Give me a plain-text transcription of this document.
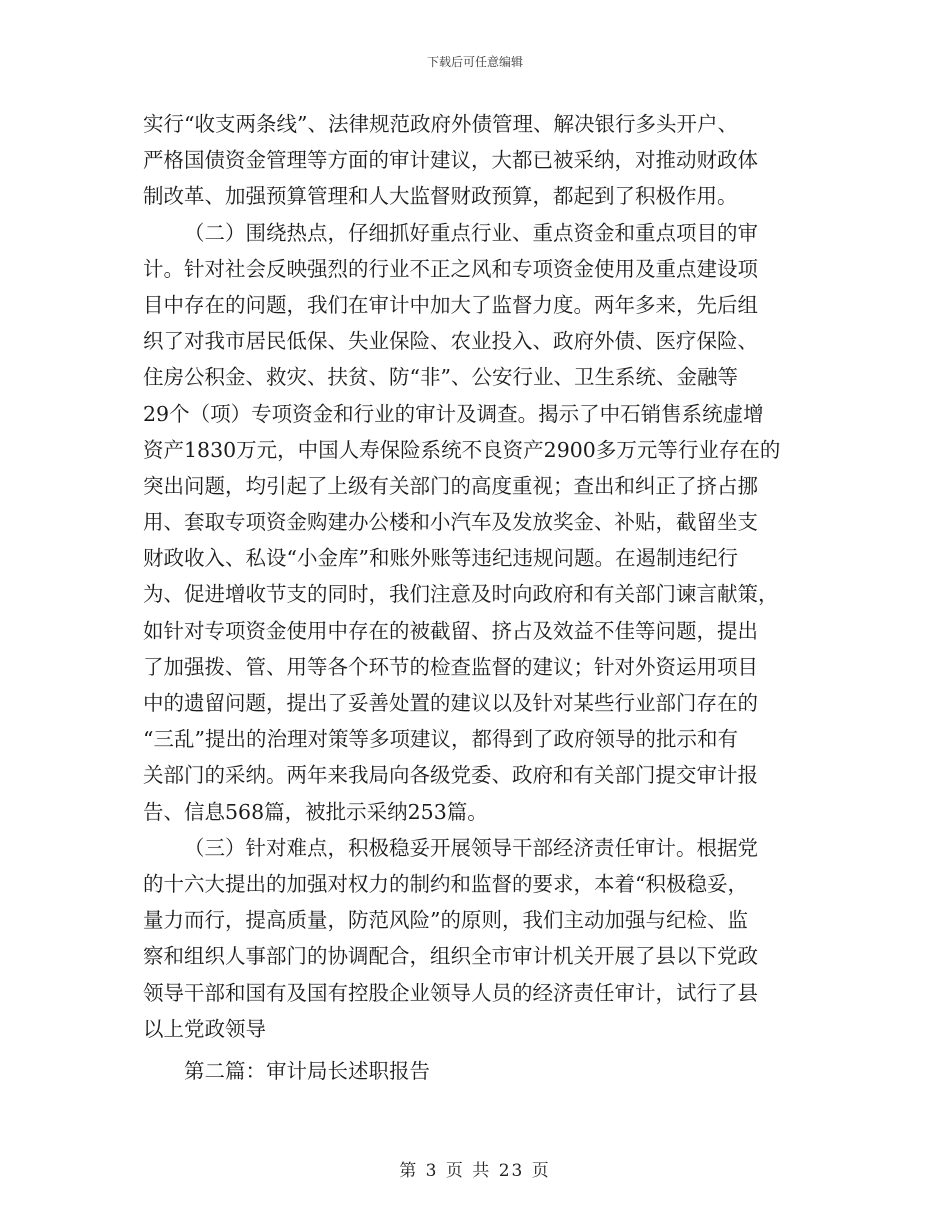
下载后可任意编辑
实行“收支两条线”、法律规范政府外债管理、解决银行多头开户、
严格国债资金管理等方面的审计建议，大都已被采纳，对推动财政体
制改革、加强预算管理和人大监督财政预算，都起到了积极作用。
（二）围绕热点，仔细抓好重点行业、重点资金和重点项目的审
计。针对社会反映强烈的行业不正之风和专项资金使用及重点建设项
目中存在的问题，我们在审计中加大了监督力度。两年多来，先后组
织了对我市居民低保、失业保险、农业投入、政府外债、医疗保险、
住房公积金、救灾、扶贫、防“非”、公安行业、卫生系统、金融等
29个（项）专项资金和行业的审计及调查。揭示了中石销售系统虚增
资产1830万元，中国人寿保险系统不良资产2900多万元等行业存在的
突出问题，均引起了上级有关部门的高度重视；查出和纠正了挤占挪
用、套取专项资金购建办公楼和小汽车及发放奖金、补贴，截留坐支
财政收入、私设“小金库”和账外账等违纪违规问题。在遏制违纪行
为、促进增收节支的同时，我们注意及时向政府和有关部门谏言献策，
如针对专项资金使用中存在的被截留、挤占及效益不佳等问题，提出
了加强拨、管、用等各个环节的检查监督的建议；针对外资运用项目
中的遗留问题，提出了妥善处置的建议以及针对某些行业部门存在的
“三乱”提出的治理对策等多项建议，都得到了政府领导的批示和有
关部门的采纳。两年来我局向各级党委、政府和有关部门提交审计报
告、信息568篇，被批示采纳253篇。
（三）针对难点，积极稳妥开展领导干部经济责任审计。根据党
的十六大提出的加强对权力的制约和监督的要求，本着“积极稳妥，
量力而行，提高质量，防范风险”的原则，我们主动加强与纪检、监
察和组织人事部门的协调配合，组织全市审计机关开展了县以下党政
领导干部和国有及国有控股企业领导人员的经济责任审计，试行了县
以上党政领导
第二篇：审计局长述职报告
第 3 页 共 23 页
